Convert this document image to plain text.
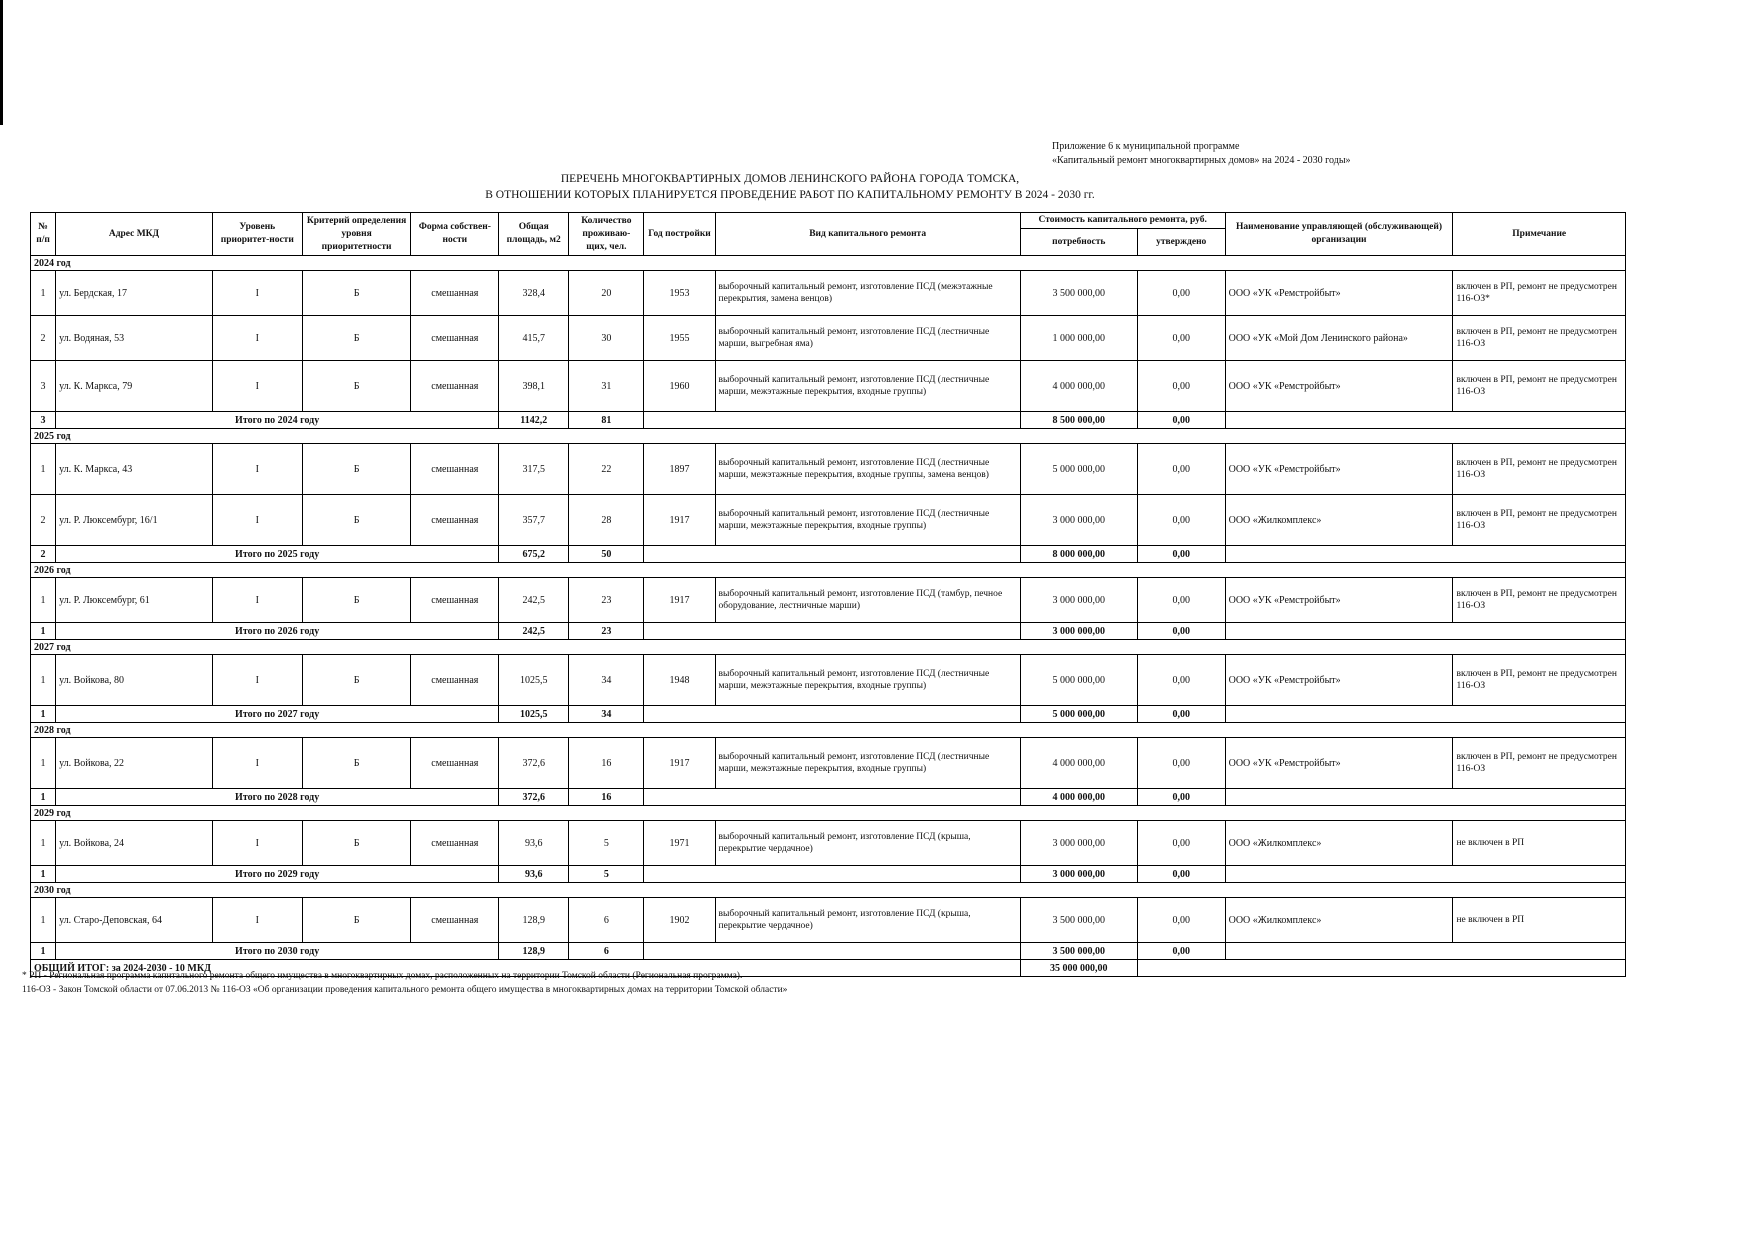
Приложение 6 к муниципальной программе
«Капитальный ремонт многоквартирных домов» на 2024 - 2030 годы»
ПЕРЕЧЕНЬ МНОГОКВАРТИРНЫХ ДОМОВ ЛЕНИНСКОГО РАЙОНА ГОРОДА ТОМСКА,
В ОТНОШЕНИИ КОТОРЫХ ПЛАНИРУЕТСЯ ПРОВЕДЕНИЕ РАБОТ ПО КАПИТАЛЬНОМУ РЕМОНТУ В 2024 - 2030 гг.
№ п/п	Адрес МКД	Уровень приоритет-ности	Критерий определения уровня приоритетности	Форма собствен-ности	Общая площадь, м2	Количество проживаю-щих, чел.	Год постройки	Вид капитального ремонта	Стоимость капитального ремонта, руб.		Наименование управляющей (обслуживающей) организации	Примечание
									потребность	утверждено		
2024 год												
1	ул. Бердская, 17	I	Б	смешанная	328,4	20	1953	выборочный капитальный ремонт, изготовление ПСД (межэтажные перекрытия, замена венцов)	3 500 000,00	0,00	ООО «УК «Ремстройбыт»	включен в РП, ремонт не предусмотрен 116-ОЗ*
2	ул. Водяная, 53	I	Б	смешанная	415,7	30	1955	выборочный капитальный ремонт, изготовление ПСД (лестничные марши, выгребная яма)	1 000 000,00	0,00	ООО «УК «Мой Дом Ленинского района»	включен в РП, ремонт не предусмотрен 116-ОЗ
3	ул. К. Маркса, 79	I	Б	смешанная	398,1	31	1960	выборочный капитальный ремонт, изготовление ПСД (лестничные марши, межэтажные перекрытия, входные группы)	4 000 000,00	0,00	ООО «УК «Ремстройбыт»	включен в РП, ремонт не предусмотрен 116-ОЗ
3	Итого по 2024 году				1142,2	81			8 500 000,00	0,00		
2025 год												
1	ул. К. Маркса, 43	I	Б	смешанная	317,5	22	1897	выборочный капитальный ремонт, изготовление ПСД (лестничные марши, межэтажные перекрытия, входные группы, замена венцов)	5 000 000,00	0,00	ООО «УК «Ремстройбыт»	включен в РП, ремонт не предусмотрен 116-ОЗ
2	ул. Р. Люксембург, 16/1	I	Б	смешанная	357,7	28	1917	выборочный капитальный ремонт, изготовление ПСД (лестничные марши, межэтажные перекрытия, входные группы)	3 000 000,00	0,00	ООО «Жилкомплекс»	включен в РП, ремонт не предусмотрен 116-ОЗ
2	Итого по 2025 году				675,2	50			8 000 000,00	0,00		
2026 год												
1	ул. Р. Люксембург, 61	I	Б	смешанная	242,5	23	1917	выборочный капитальный ремонт, изготовление ПСД (тамбур, печное оборудование, лестничные марши)	3 000 000,00	0,00	ООО «УК «Ремстройбыт»	включен в РП, ремонт не предусмотрен 116-ОЗ
1	Итого по 2026 году				242,5	23			3 000 000,00	0,00		
2027 год												
1	ул. Войкова, 80	I	Б	смешанная	1025,5	34	1948	выборочный капитальный ремонт, изготовление ПСД (лестничные марши, межэтажные перекрытия, входные группы)	5 000 000,00	0,00	ООО «УК «Ремстройбыт»	включен в РП, ремонт не предусмотрен 116-ОЗ
1	Итого по 2027 году				1025,5	34			5 000 000,00	0,00		
2028 год												
1	ул. Войкова, 22	I	Б	смешанная	372,6	16	1917	выборочный капитальный ремонт, изготовление ПСД (лестничные марши, межэтажные перекрытия, входные группы)	4 000 000,00	0,00	ООО «УК «Ремстройбыт»	включен в РП, ремонт не предусмотрен 116-ОЗ
1	Итого по 2028 году				372,6	16			4 000 000,00	0,00		
2029 год												
1	ул. Войкова, 24	I	Б	смешанная	93,6	5	1971	выборочный капитальный ремонт, изготовление ПСД (крыша, перекрытие чердачное)	3 000 000,00	0,00	ООО «Жилкомплекс»	не включен в РП
1	Итого по 2029 году				93,6	5			3 000 000,00	0,00		
2030 год												
1	ул. Старо-Деповская, 64	I	Б	смешанная	128,9	6	1902	выборочный капитальный ремонт, изготовление ПСД (крыша, перекрытие чердачное)	3 500 000,00	0,00	ООО «Жилкомплекс»	не включен в РП
1	Итого по 2030 году				128,9	6			3 500 000,00	0,00		
ОБЩИЙ ИТОГ: за 2024-2030 - 10 МКД									35 000 000,00			
* РП - Региональная программа капитального ремонта общего имущества в многоквартирных домах, расположенных на территории Томской области (Региональная программа).
116-ОЗ - Закон Томской области от 07.06.2013 № 116-ОЗ «Об организации проведения капитального ремонта общего имущества в многоквартирных домах на территории Томской области»
